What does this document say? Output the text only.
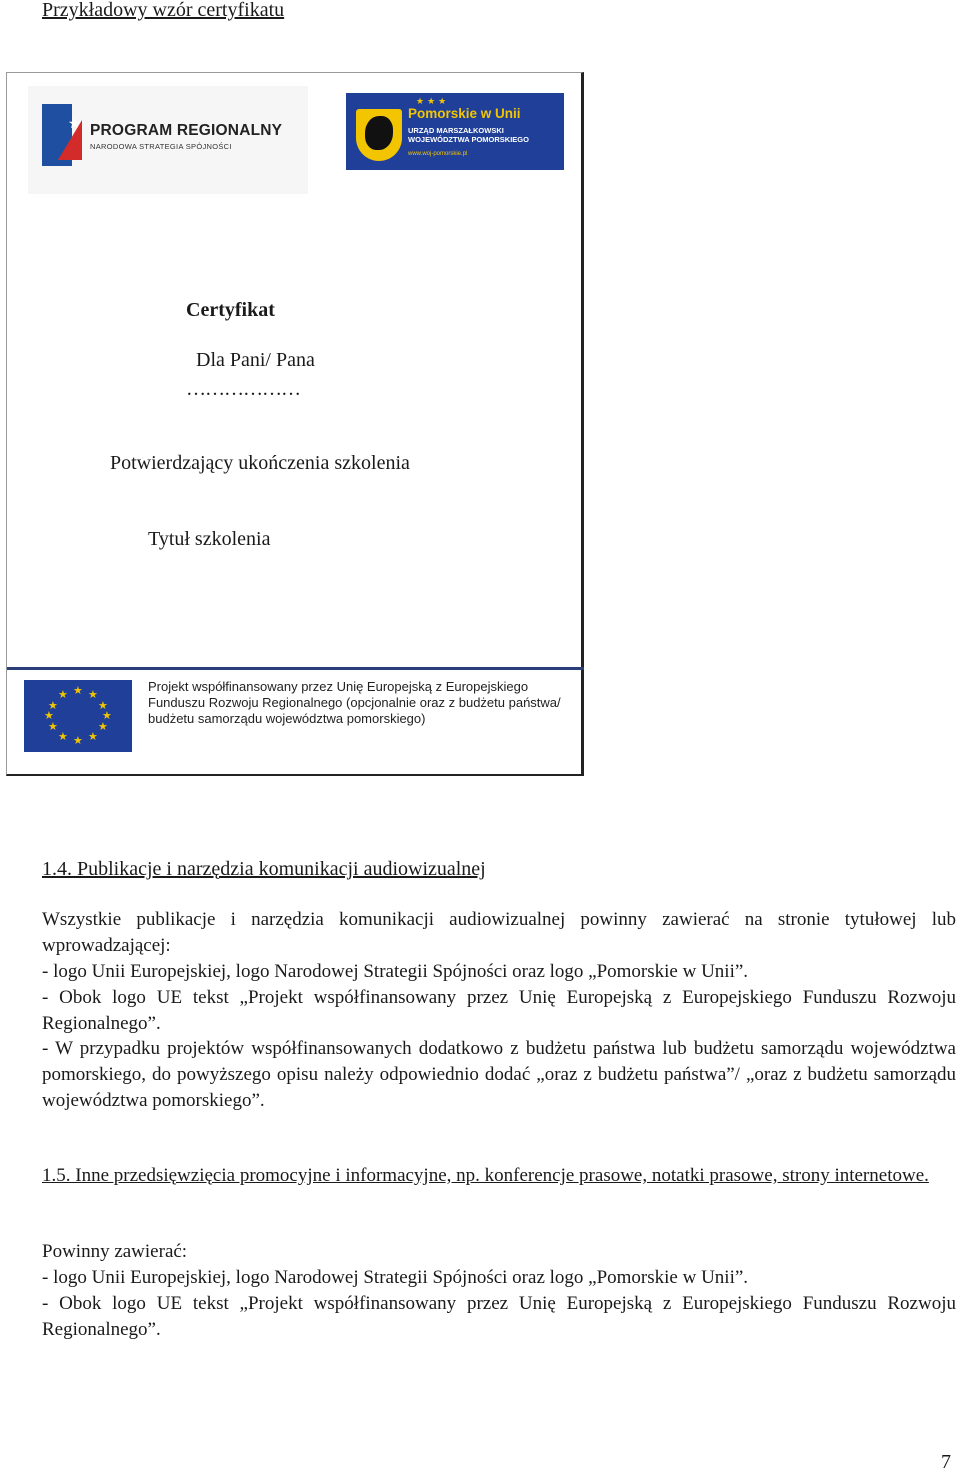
Przykładowy wzór certyfikatu
★ PROGRAM REGIONALNY
NARODOWA STRATEGIA SPÓJNOŚCI
★★★
Pomorskie w Unii
URZĄD MARSZAŁKOWSKI
WOJEWÓDZTWA POMORSKIEGO
www.woj-pomorskie.pl
Certyfikat
Dla Pani/ Pana
………………
Potwierdzający ukończenia szkolenia
Tytuł szkolenia
★ ★
★
★
★
★
★
★
★
★
★
★
Projekt współfinansowany przez Unię Europejską z Europejskiego Funduszu Rozwoju Regionalnego (opcjonalnie oraz z budżetu państwa/ budżetu samorządu województwa pomorskiego)
1.4. Publikacje i narzędzia komunikacji audiowizualnej
Wszystkie publikacje i narzędzia komunikacji audiowizualnej powinny zawierać na stronie tytułowej lub wprowadzającej:
- logo Unii Europejskiej, logo Narodowej Strategii Spójności oraz logo „Pomorskie w Unii”.
- Obok logo UE tekst „Projekt współfinansowany przez Unię Europejską z Europejskiego Funduszu Rozwoju Regionalnego”.
- W przypadku projektów współfinansowanych dodatkowo z budżetu państwa lub budżetu samorządu województwa pomorskiego, do powyższego opisu należy odpowiednio dodać „oraz z budżetu państwa”/ „oraz z budżetu samorządu województwa pomorskiego”.
1.5. Inne przedsięwzięcia promocyjne i informacyjne, np. konferencje prasowe, notatki prasowe, strony internetowe.
Powinny zawierać:
- logo Unii Europejskiej, logo Narodowej Strategii Spójności oraz logo „Pomorskie w Unii”.
- Obok logo UE tekst „Projekt współfinansowany przez Unię Europejską z Europejskiego Funduszu Rozwoju Regionalnego”.
7
